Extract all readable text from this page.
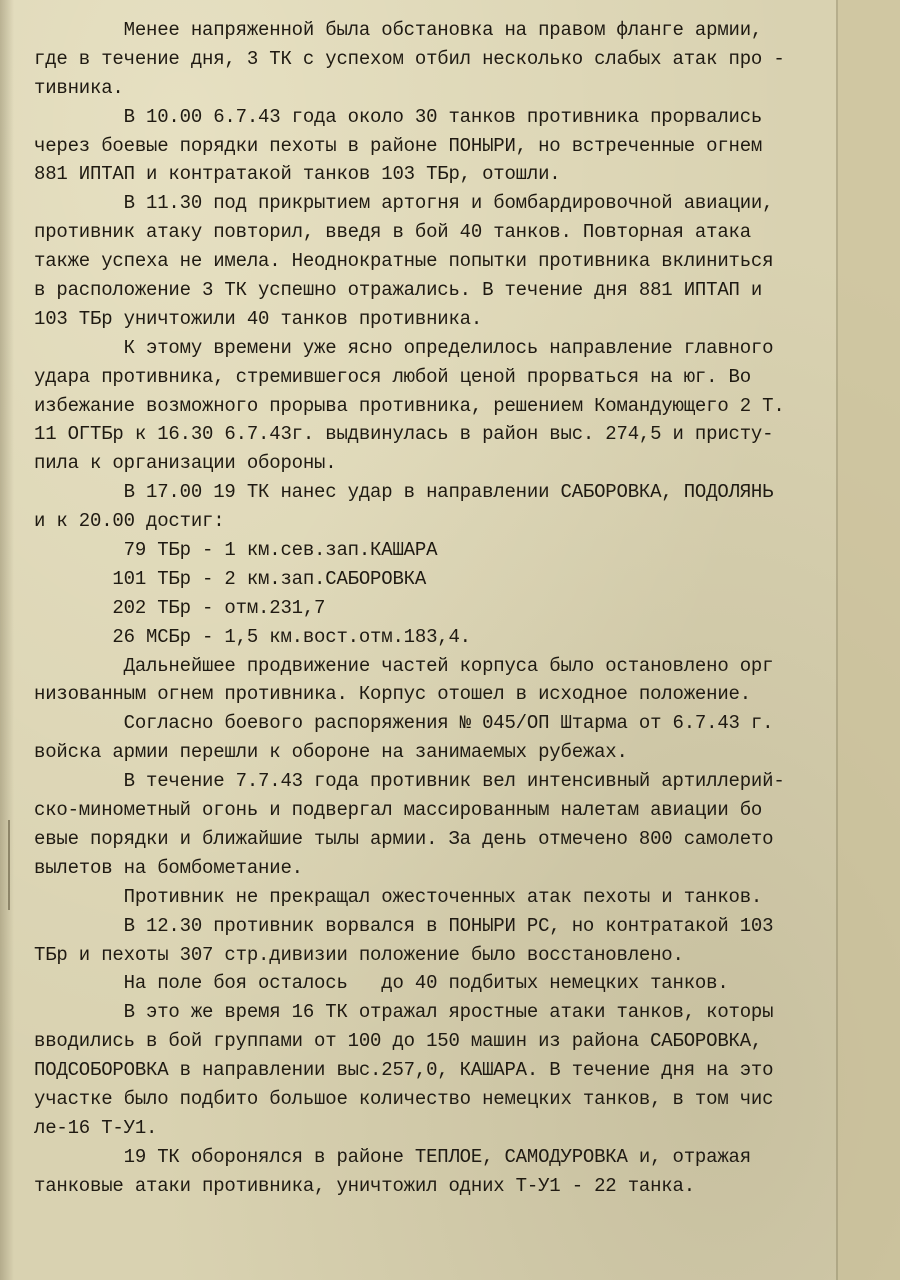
Менее напряженной была обстановка на правом фланге армии,
где в течение дня, 3 ТК с успехом отбил несколько слабых атак про -
тивника.
В 10.00 6.7.43 года около 30 танков противника прорвались
через боевые порядки пехоты в районе ПОНЫРИ, но встреченные огнем
881 ИПТАП и контратакой танков 103 ТБр, отошли.
В 11.30 под прикрытием артогня и бомбардировочной авиации,
противник атаку повторил, введя в бой 40 танков. Повторная атака
также успеха не имела. Неоднократные попытки противника вклиниться
в расположение 3 ТК успешно отражались. В течение дня 881 ИПТАП и
103 ТБр уничтожили 40 танков противника.
К этому времени уже ясно определилось направление главного
удара противника, стремившегося любой ценой прорваться на юг. Во
избежание возможного прорыва противника, решением Командующего 2 Т.
11 ОГТБр к 16.30 6.7.43г. выдвинулась в район выс. 274,5 и присту-
пила к организации обороны.
В 17.00 19 ТК нанес удар в направлении САБОРОВКА, ПОДОЛЯНЬ
и к 20.00 достиг:
79 ТБр - 1 км.сев.зап.КАШАРА
101 ТБр - 2 км.зап.САБОРОВКА
202 ТБр - отм.231,7
26 МСБр - 1,5 км.вост.отм.183,4.
Дальнейшее продвижение частей корпуса было остановлено орг
низованным огнем противника. Корпус отошел в исходное положение.
Согласно боевого распоряжения № 045/ОП Штарма от 6.7.43 г.
войска армии перешли к обороне на занимаемых рубежах.
В течение 7.7.43 года противник вел интенсивный артиллерий-
ско-минометный огонь и подвергал массированным налетам авиации бо
евые порядки и ближайшие тылы армии. За день отмечено 800 самолето
вылетов на бомбометание.
Противник не прекращал ожесточенных атак пехоты и танков.
В 12.30 противник ворвался в ПОНЫРИ РС, но контратакой 103
ТБр и пехоты 307 стр.дивизии положение было восстановлено.
На поле боя осталось   до 40 подбитых немецких танков.
В это же время 16 ТК отражал яростные атаки танков, которы
вводились в бой группами от 100 до 150 машин из района САБОРОВКА,
ПОДСОБОРОВКА в направлении выс.257,0, КАШАРА. В течение дня на это
участке было подбито большое количество немецких танков, в том чис
ле-16 Т-У1.
19 ТК оборонялся в районе ТЕПЛОЕ, САМОДУРОВКА и, отражая
танковые атаки противника, уничтожил одних Т-У1 - 22 танка.
